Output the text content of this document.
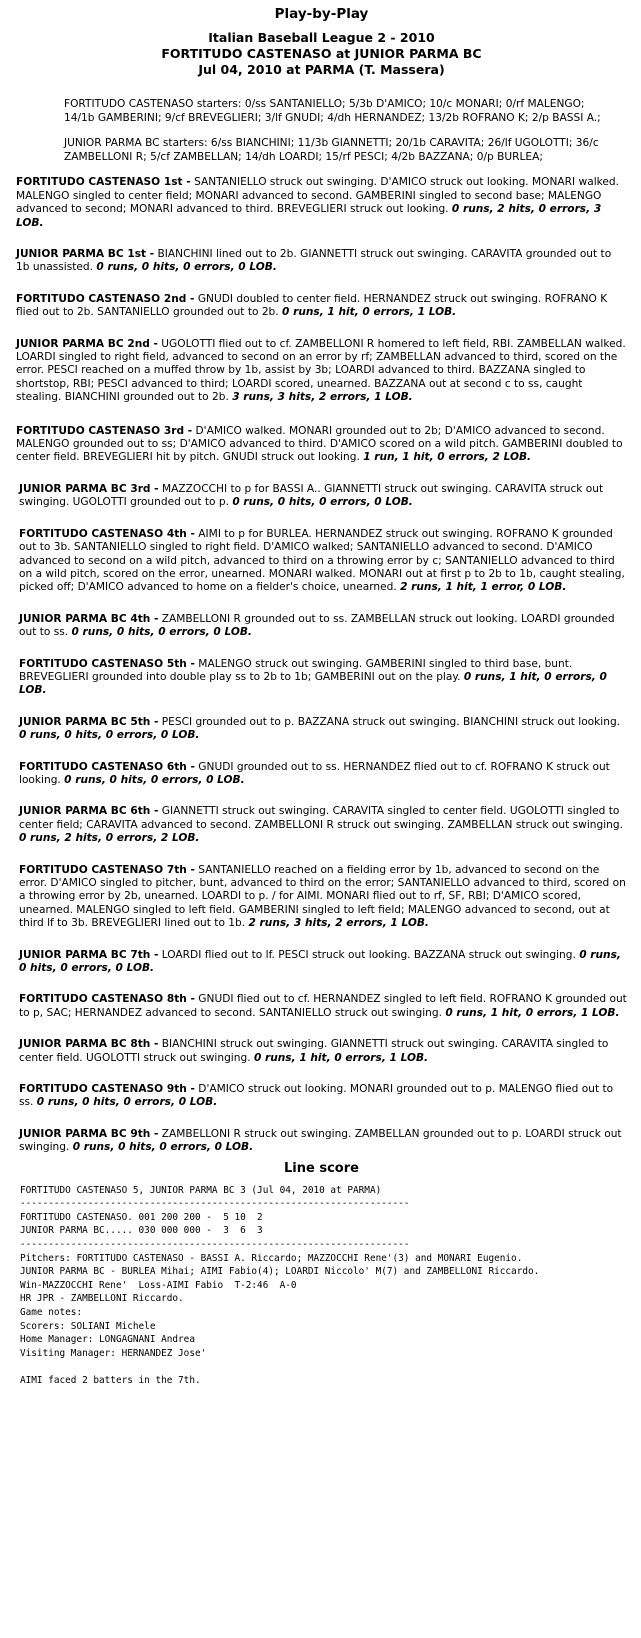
Play-by-Play
Italian Baseball League 2 - 2010
FORTITUDO CASTENASO at JUNIOR PARMA BC
Jul 04, 2010 at PARMA (T. Massera)

FORTITUDO CASTENASO starters: 0/ss SANTANIELLO; 5/3b D'AMICO; 10/c MONARI; 0/rf MALENGO; 14/1b GAMBERINI; 9/cf BREVEGLIERI; 3/lf GNUDI; 4/dh HERNANDEZ; 13/2b ROFRANO K; 2/p BASSI A.;

JUNIOR PARMA BC starters: 6/ss BIANCHINI; 11/3b GIANNETTI; 20/1b CARAVITA; 26/lf UGOLOTTI; 36/c ZAMBELLONI R; 5/cf ZAMBELLAN; 14/dh LOARDI; 15/rf PESCI; 4/2b BAZZANA; 0/p BURLEA;

FORTITUDO CASTENASO 1st - SANTANIELLO struck out swinging. D'AMICO struck out looking. MONARI walked. MALENGO singled to center field; MONARI advanced to second. GAMBERINI singled to second base; MALENGO advanced to second; MONARI advanced to third. BREVEGLIERI struck out looking. 0 runs, 2 hits, 0 errors, 3 LOB.

JUNIOR PARMA BC 1st - BIANCHINI lined out to 2b. GIANNETTI struck out swinging. CARAVITA grounded out to 1b unassisted. 0 runs, 0 hits, 0 errors, 0 LOB.

FORTITUDO CASTENASO 2nd - GNUDI doubled to center field. HERNANDEZ struck out swinging. ROFRANO K flied out to 2b. SANTANIELLO grounded out to 2b. 0 runs, 1 hit, 0 errors, 1 LOB.

JUNIOR PARMA BC 2nd - UGOLOTTI flied out to cf. ZAMBELLONI R homered to left field, RBI. ZAMBELLAN walked. LOARDI singled to right field, advanced to second on an error by rf; ZAMBELLAN advanced to third, scored on the error. PESCI reached on a muffed throw by 1b, assist by 3b; LOARDI advanced to third. BAZZANA singled to shortstop, RBI; PESCI advanced to third; LOARDI scored, unearned. BAZZANA out at second c to ss, caught stealing. BIANCHINI grounded out to 2b. 3 runs, 3 hits, 2 errors, 1 LOB.

FORTITUDO CASTENASO 3rd - D'AMICO walked. MONARI grounded out to 2b; D'AMICO advanced to second. MALENGO grounded out to ss; D'AMICO advanced to third. D'AMICO scored on a wild pitch. GAMBERINI doubled to center field. BREVEGLIERI hit by pitch. GNUDI struck out looking. 1 run, 1 hit, 0 errors, 2 LOB.

JUNIOR PARMA BC 3rd - MAZZOCCHI to p for BASSI A.. GIANNETTI struck out swinging. CARAVITA struck out swinging. UGOLOTTI grounded out to p. 0 runs, 0 hits, 0 errors, 0 LOB.

FORTITUDO CASTENASO 4th - AIMI to p for BURLEA. HERNANDEZ struck out swinging. ROFRANO K grounded out to 3b. SANTANIELLO singled to right field. D'AMICO walked; SANTANIELLO advanced to second. D'AMICO advanced to second on a wild pitch, advanced to third on a throwing error by c; SANTANIELLO advanced to third on a wild pitch, scored on the error, unearned. MONARI walked. MONARI out at first p to 2b to 1b, caught stealing, picked off; D'AMICO advanced to home on a fielder's choice, unearned. 2 runs, 1 hit, 1 error, 0 LOB.

JUNIOR PARMA BC 4th - ZAMBELLONI R grounded out to ss. ZAMBELLAN struck out looking. LOARDI grounded out to ss. 0 runs, 0 hits, 0 errors, 0 LOB.

FORTITUDO CASTENASO 5th - MALENGO struck out swinging. GAMBERINI singled to third base, bunt. BREVEGLIERI grounded into double play ss to 2b to 1b; GAMBERINI out on the play. 0 runs, 1 hit, 0 errors, 0 LOB.

JUNIOR PARMA BC 5th - PESCI grounded out to p. BAZZANA struck out swinging. BIANCHINI struck out looking. 0 runs, 0 hits, 0 errors, 0 LOB.

FORTITUDO CASTENASO 6th - GNUDI grounded out to ss. HERNANDEZ flied out to cf. ROFRANO K struck out looking. 0 runs, 0 hits, 0 errors, 0 LOB.

JUNIOR PARMA BC 6th - GIANNETTI struck out swinging. CARAVITA singled to center field. UGOLOTTI singled to center field; CARAVITA advanced to second. ZAMBELLONI R struck out swinging. ZAMBELLAN struck out swinging. 0 runs, 2 hits, 0 errors, 2 LOB.

FORTITUDO CASTENASO 7th - SANTANIELLO reached on a fielding error by 1b, advanced to second on the error. D'AMICO singled to pitcher, bunt, advanced to third on the error; SANTANIELLO advanced to third, scored on a throwing error by 2b, unearned. LOARDI to p. / for AIMI. MONARI flied out to rf, SF, RBI; D'AMICO scored, unearned. MALENGO singled to left field. GAMBERINI singled to left field; MALENGO advanced to second, out at third lf to 3b. BREVEGLIERI lined out to 1b. 2 runs, 3 hits, 2 errors, 1 LOB.

JUNIOR PARMA BC 7th - LOARDI flied out to lf. PESCI struck out looking. BAZZANA struck out swinging. 0 runs, 0 hits, 0 errors, 0 LOB.

FORTITUDO CASTENASO 8th - GNUDI flied out to cf. HERNANDEZ singled to left field. ROFRANO K grounded out to p, SAC; HERNANDEZ advanced to second. SANTANIELLO struck out swinging. 0 runs, 1 hit, 0 errors, 1 LOB.

JUNIOR PARMA BC 8th - BIANCHINI struck out swinging. GIANNETTI struck out swinging. CARAVITA singled to center field. UGOLOTTI struck out swinging. 0 runs, 1 hit, 0 errors, 1 LOB.

FORTITUDO CASTENASO 9th - D'AMICO struck out looking. MONARI grounded out to p. MALENGO flied out to ss. 0 runs, 0 hits, 0 errors, 0 LOB.

JUNIOR PARMA BC 9th - ZAMBELLONI R struck out swinging. ZAMBELLAN grounded out to p. LOARDI struck out swinging. 0 runs, 0 hits, 0 errors, 0 LOB.

Line score
FORTITUDO CASTENASO 5, JUNIOR PARMA BC 3 (Jul 04, 2010 at PARMA)
---------------------------------------------------------------------
FORTITUDO CASTENASO. 001 200 200 -  5 10  2
JUNIOR PARMA BC..... 030 000 000 -  3  6  3
---------------------------------------------------------------------
Pitchers: FORTITUDO CASTENASO - BASSI A. Riccardo; MAZZOCCHI Rene'(3) and MONARI Eugenio.
JUNIOR PARMA BC - BURLEA Mihai; AIMI Fabio(4); LOARDI Niccolo' M(7) and ZAMBELLONI Riccardo.
Win-MAZZOCCHI Rene'  Loss-AIMI Fabio  T-2:46  A-0
HR JPR - ZAMBELLONI Riccardo.
Game notes:
Scorers: SOLIANI Michele
Home Manager: LONGAGNANI Andrea
Visiting Manager: HERNANDEZ Jose'
AIMI faced 2 batters in the 7th.
